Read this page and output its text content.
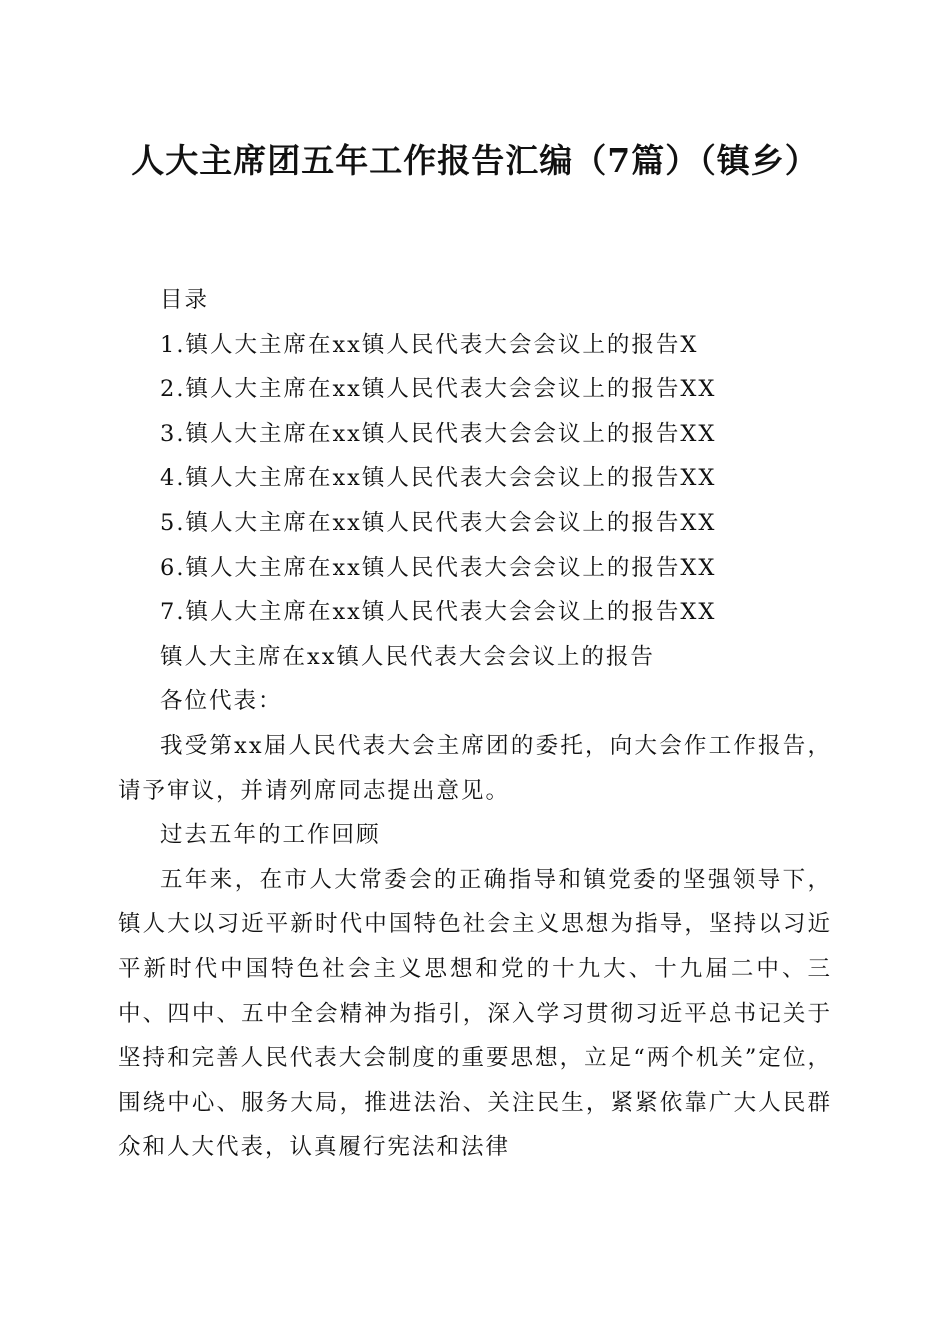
人大主席团五年工作报告汇编（7篇）（镇乡）

目录

1.镇人大主席在xx镇人民代表大会会议上的报告X

2.镇人大主席在xx镇人民代表大会会议上的报告XX

3.镇人大主席在xx镇人民代表大会会议上的报告XX

4.镇人大主席在xx镇人民代表大会会议上的报告XX

5.镇人大主席在xx镇人民代表大会会议上的报告XX

6.镇人大主席在xx镇人民代表大会会议上的报告XX

7.镇人大主席在xx镇人民代表大会会议上的报告XX

镇人大主席在xx镇人民代表大会会议上的报告

各位代表：

我受第xx届人民代表大会主席团的委托，向大会作工作报告，请予审议，并请列席同志提出意见。

过去五年的工作回顾

五年来，在市人大常委会的正确指导和镇党委的坚强领导下，镇人大以习近平新时代中国特色社会主义思想为指导，坚持以习近平新时代中国特色社会主义思想和党的十九大、十九届二中、三中、四中、五中全会精神为指引，深入学习贯彻习近平总书记关于坚持和完善人民代表大会制度的重要思想，立足“两个机关”定位，围绕中心、服务大局，推进法治、关注民生，紧紧依靠广大人民群众和人大代表，认真履行宪法和法律
